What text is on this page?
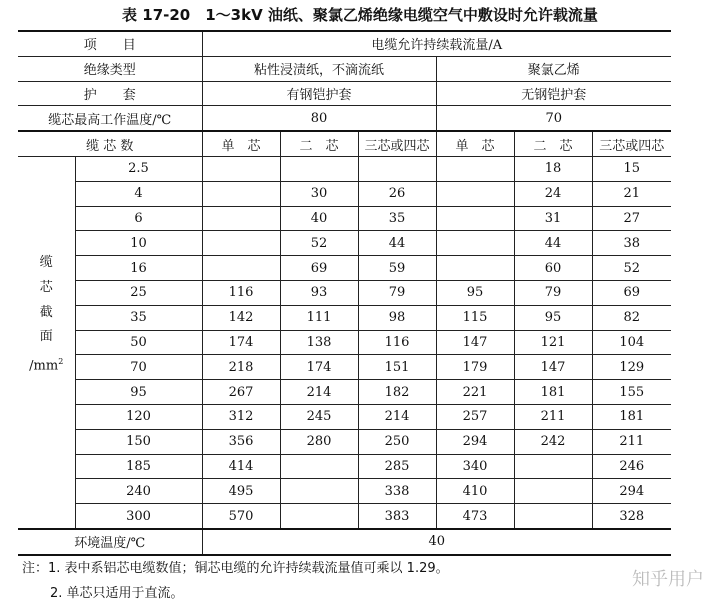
表 17-20　1～3kV 油纸、聚氯乙烯绝缘电缆空气中敷设时允许载流量
项　　目		电缆允许持续载流量/A					
绝缘类型		粘性浸渍纸，不滴流纸			聚氯乙烯		
护　　套		有钢铠护套			无钢铠护套		
缆芯最高工作温度/℃		80			70		
缆 芯 数		单　芯	二　芯	三芯或四芯	单　芯	二　芯	三芯或四芯

缆
芯
截
面
$/mm^2$	2.5					18	15
	4		30	26		24	21
	6		40	35		31	27
	10		52	44		44	38
	16		69	59		60	52
	25	116	93	79	95	79	69
	35	142	111	98	115	95	82
	50	174	138	116	147	121	104
	70	218	174	151	179	147	129
	95	267	214	182	221	181	155
	120	312	245	214	257	211	181
	150	356	280	250	294	242	211
	185	414		285	340		246
	240	495		338	410		294
	300	570		383	473		328
环境温度/℃		40					
注：1. 表中系铝芯电缆数值；铜芯电缆的允许持续载流量值可乘以 1.29。
2. 单芯只适用于直流。
知乎用户
